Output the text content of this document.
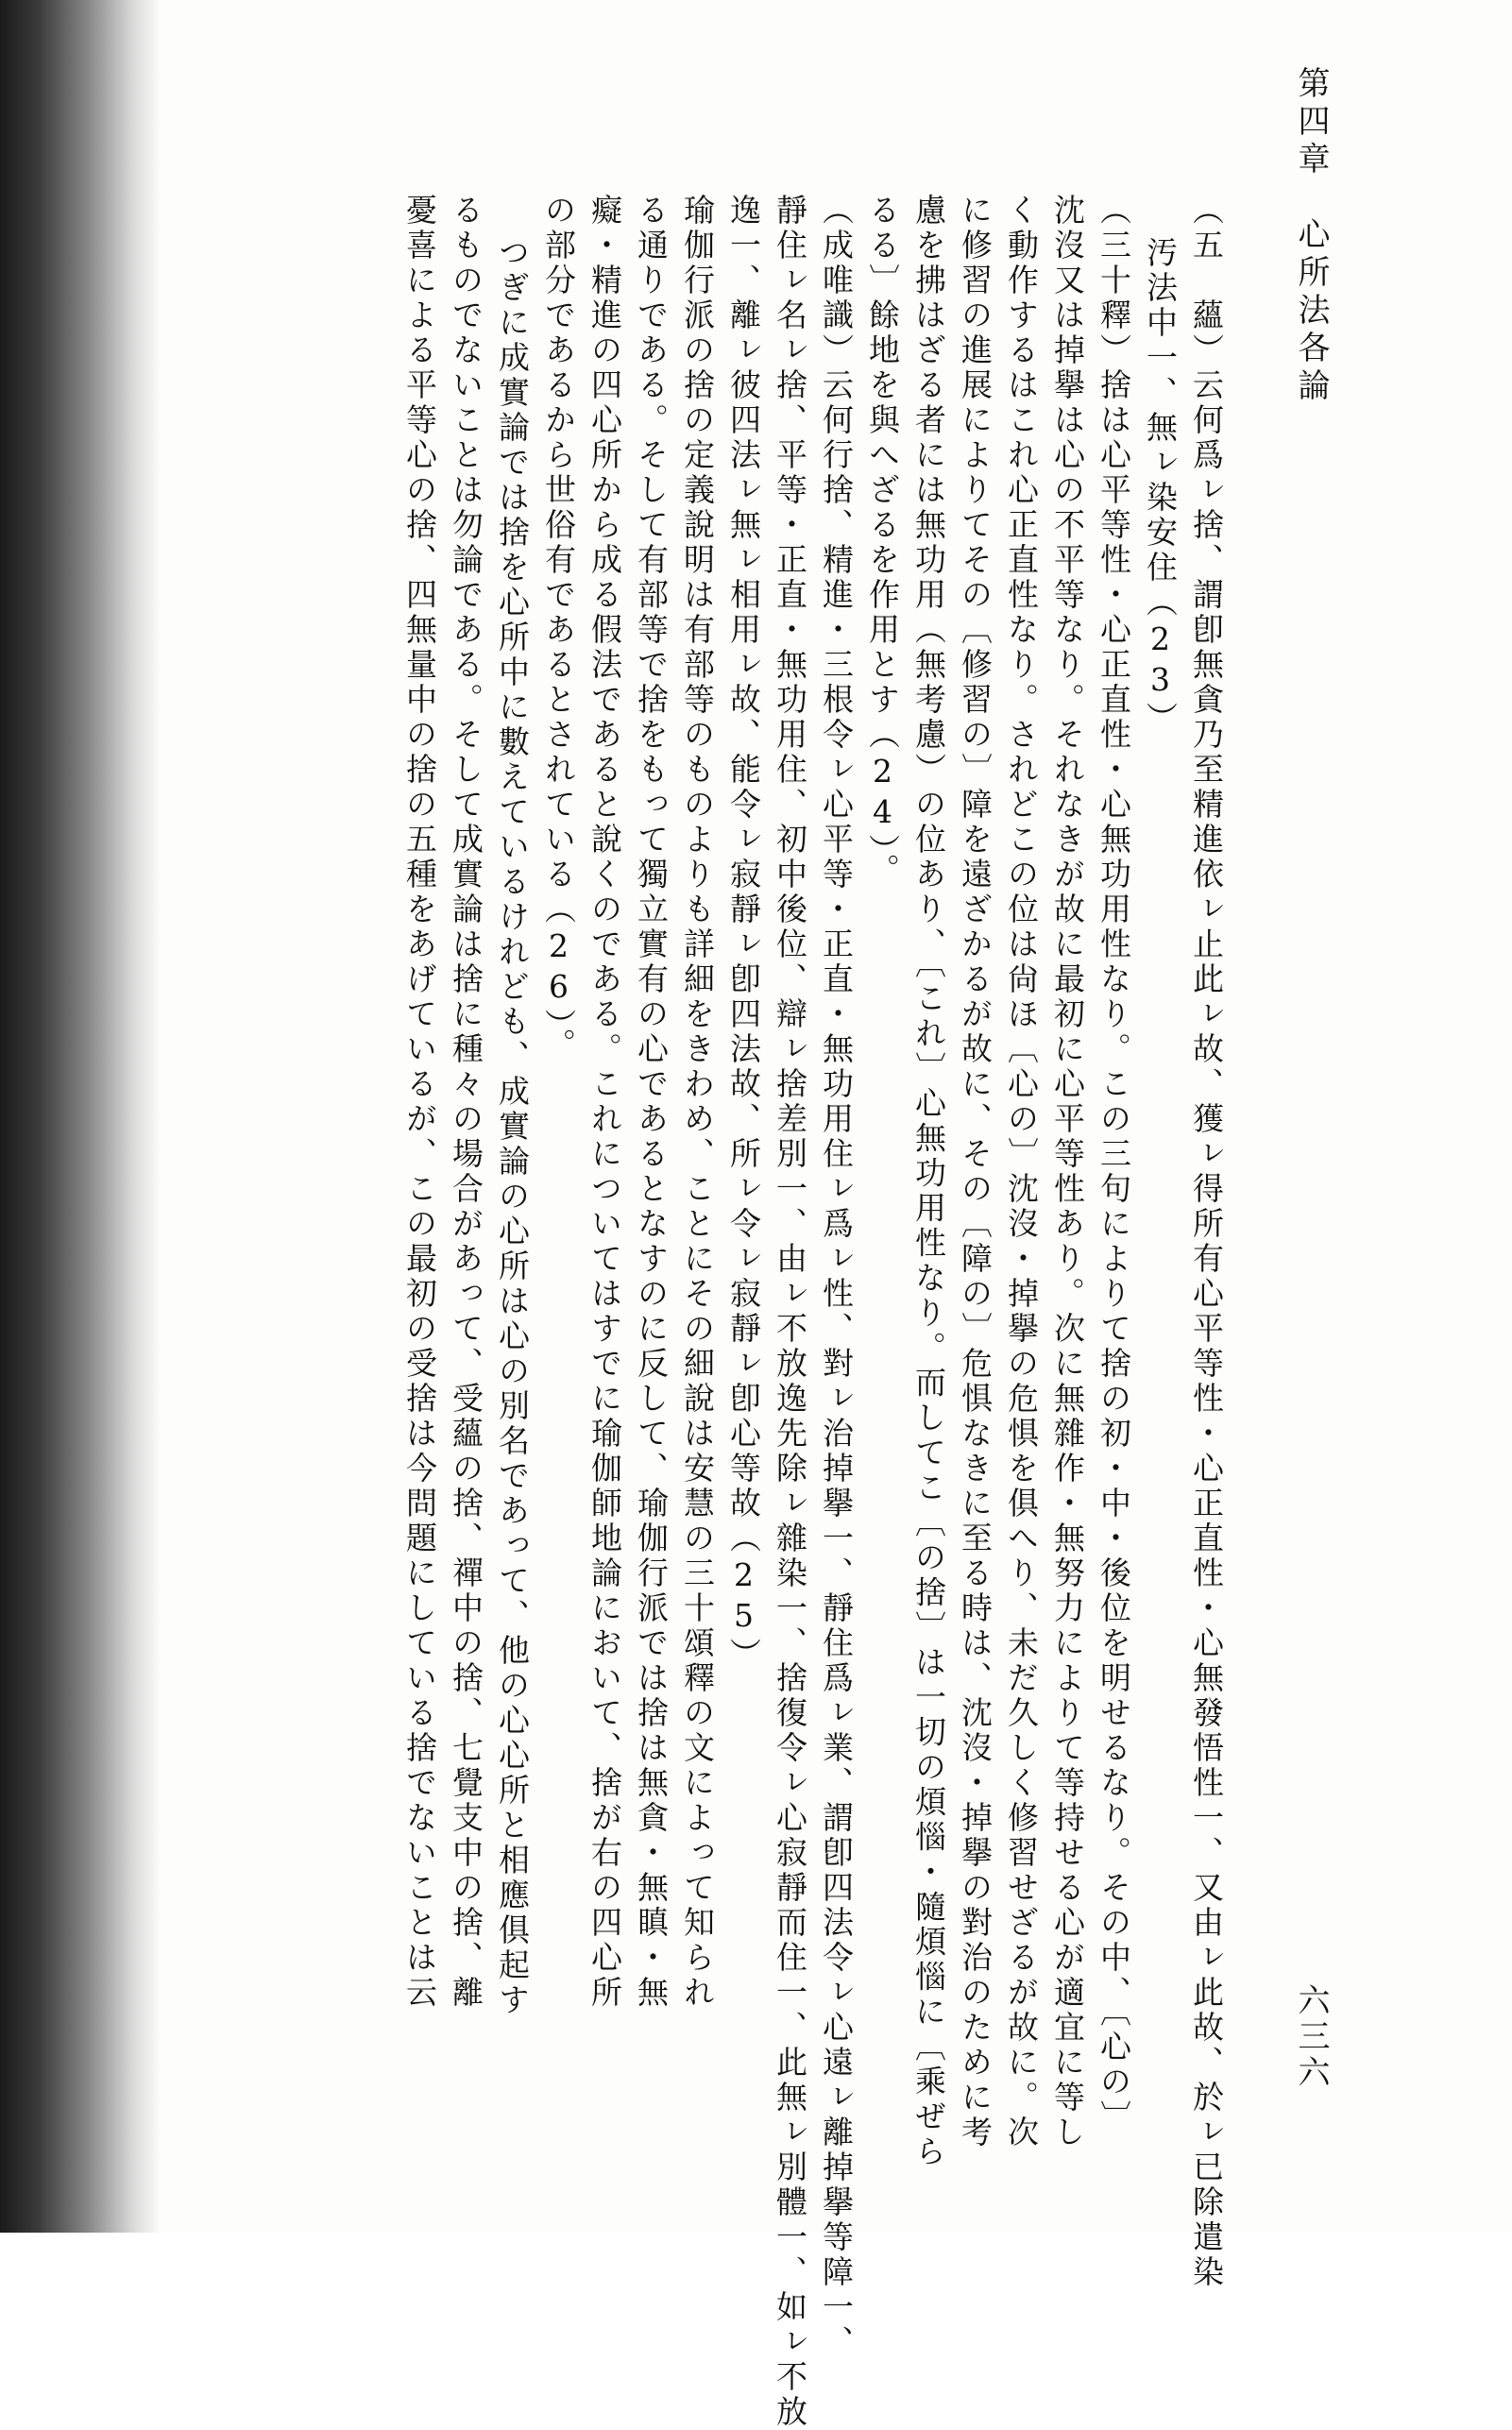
第四章　心所法各論
六三六
（五　蘊）云何爲ㇾ捨、謂卽無貪乃至精進依ㇾ止此ㇾ故、獲ㇾ得所有心平等性・心正直性・心無發悟性一、又由ㇾ此故、於ㇾ已除遣染
汚法中一、無ㇾ染安住（23）
（三十釋）捨は心平等性・心正直性・心無功用性なり。この三句によりて捨の初・中・後位を明せるなり。その中、〔心の〕
沈沒又は掉擧は心の不平等なり。それなきが故に最初に心平等性あり。次に無雜作・無努力によりて等持せる心が適宜に等し
く動作するはこれ心正直性なり。されどこの位は尙ほ〔心の〕沈沒・掉擧の危惧を俱へり、未だ久しく修習せざるが故に。次
に修習の進展によりてその〔修習の〕障を遠ざかるが故に、その〔障の〕危惧なきに至る時は、沈沒・掉擧の對治のために考
慮を拂はざる者には無功用（無考慮）の位あり、〔これ〕心無功用性なり。而してこ〔の捨〕は一切の煩惱・隨煩惱に〔乘ぜら
るる〕餘地を與へざるを作用とす（24）。
（成唯識）云何行捨、精進・三根令ㇾ心平等・正直・無功用住ㇾ爲ㇾ性、對ㇾ治掉擧一、靜住爲ㇾ業、謂卽四法令ㇾ心遠ㇾ離掉擧等障一、
靜住ㇾ名ㇾ捨、平等・正直・無功用住、初中後位、辯ㇾ捨差別一、由ㇾ不放逸先除ㇾ雜染一、捨復令ㇾ心寂靜而住一、此無ㇾ別體一、如ㇾ不放
逸一、離ㇾ彼四法ㇾ無ㇾ相用ㇾ故、能令ㇾ寂靜ㇾ卽四法故、所ㇾ令ㇾ寂靜ㇾ卽心等故（25）
瑜伽行派の捨の定義說明は有部等のものよりも詳細をきわめ、ことにその細說は安慧の三十頌釋の文によって知られ
る通りである。そして有部等で捨をもって獨立實有の心であるとなすのに反して、瑜伽行派では捨は無貪・無瞋・無
癡・精進の四心所から成る假法であると說くのである。これについてはすでに瑜伽師地論において、捨が右の四心所
の部分であるから世俗有であるとされている（26）。
つぎに成實論では捨を心所中に數えているけれども、成實論の心所は心の別名であって、他の心心所と相應俱起す
るものでないことは勿論である。そして成實論は捨に種々の場合があって、受蘊の捨、禪中の捨、七覺支中の捨、離
憂喜による平等心の捨、四無量中の捨の五種をあげているが、この最初の受捨は今問題にしている捨でないことは云
